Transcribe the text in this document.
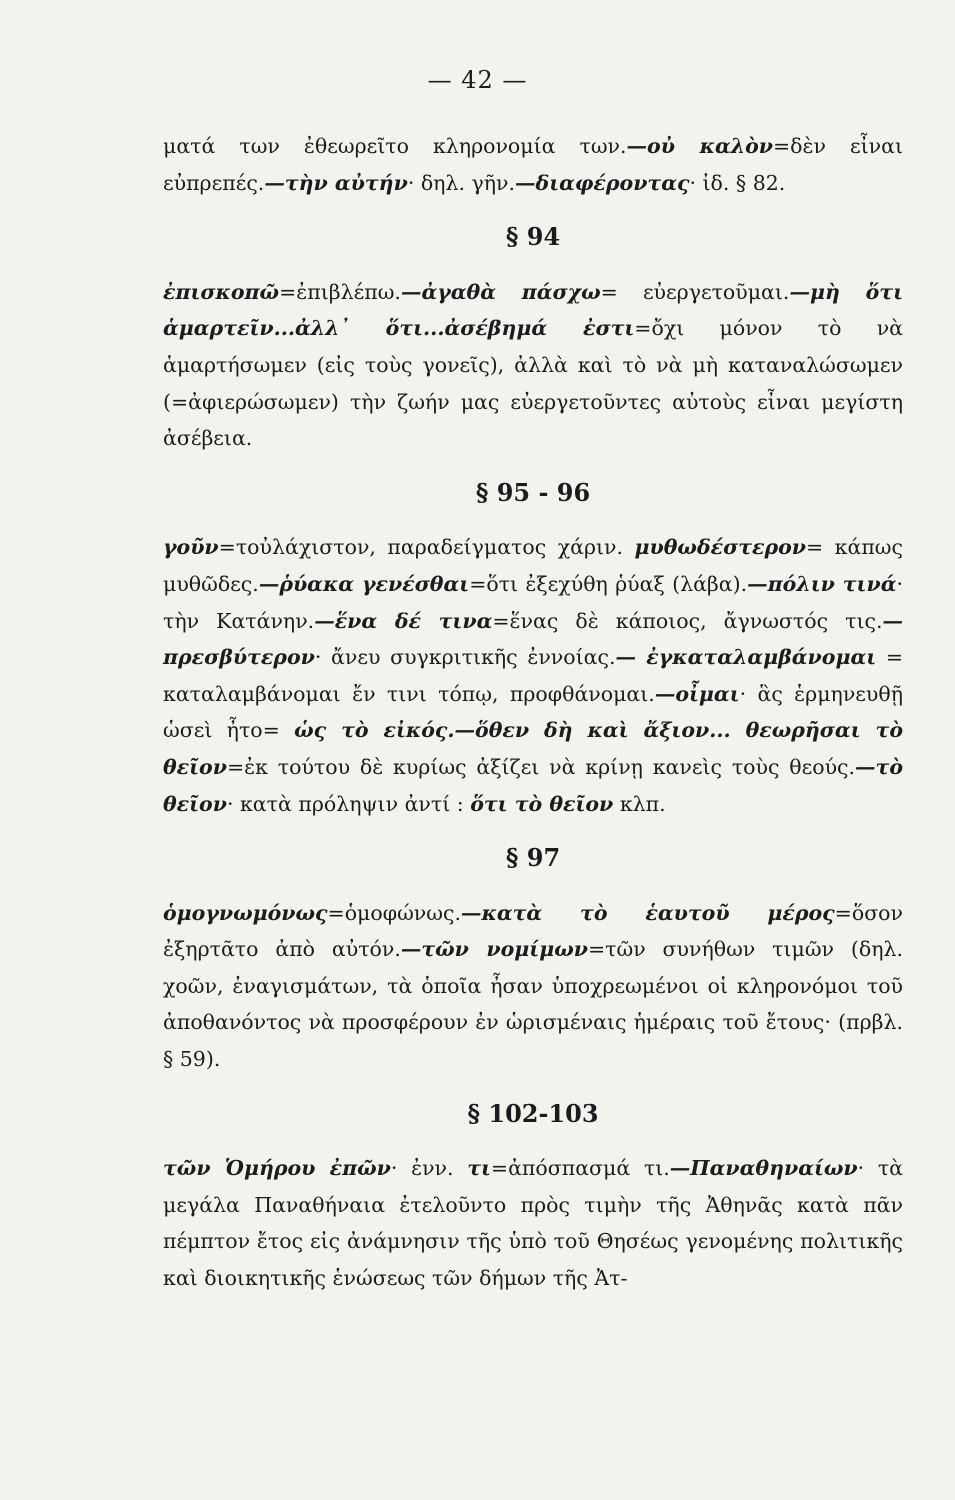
— 42 —

ματά των ἐθεωρεῖτο κληρονομία των.—οὐ καλὸν=δὲν εἶναι εὐπρεπές.—τὴν αὐτήν· δηλ. γῆν.—διαφέροντας· ἰδ. § 82.

§ 94

ἐπισκοπῶ=ἐπιβλέπω.—ἀγαθὰ πάσχω= εὐεργετοῦμαι.—μὴ ὅτι ἁμαρτεῖν...ἀλλ᾽ ὅτι...ἀσέβημά ἐστι=ὄχι μόνον τὸ νὰ ἁμαρτήσωμεν (εἰς τοὺς γονεῖς), ἀλλὰ καὶ τὸ νὰ μὴ καταναλώσωμεν (=ἀφιερώσωμεν) τὴν ζωήν μας εὐεργετοῦντες αὐτοὺς εἶναι μεγίστη ἀσέβεια.

§ 95 - 96

γοῦν=τοὐλάχιστον, παραδείγματος χάριν. μυθωδέστερον= κάπως μυθῶδες.—ῥύακα γενέσθαι=ὅτι ἐξεχύθη ῥύαξ (λάβα).—πόλιν τινά· τὴν Κατάνην.—ἕνα δέ τινα=ἕνας δὲ κάποιος, ἄγνωστός τις.—πρεσβύτερον· ἄνευ συγκριτικῆς ἐννοίας.— ἐγκαταλαμβάνομαι = καταλαμβάνομαι ἔν τινι τόπῳ, προφθάνομαι.—οἶμαι· ἃς ἑρμηνευθῇ ὡσεὶ ἦτο= ὡς τὸ εἰκός.—ὅθεν δὴ καὶ ἄξιον... θεωρῆσαι τὸ θεῖον=ἐκ τούτου δὲ κυρίως ἀξίζει νὰ κρίνῃ κανεὶς τοὺς θεούς.—τὸ θεῖον· κατὰ πρόληψιν ἀντί : ὅτι τὸ θεῖον κλπ.

§ 97

ὁμογνωμόνως=ὁμοφώνως.—κατὰ τὸ ἑαυτοῦ μέρος=ὅσον ἐξηρτᾶτο ἀπὸ αὐτόν.—τῶν νομίμων=τῶν συνήθων τιμῶν (δηλ. χοῶν, ἐναγισμάτων, τὰ ὁποῖα ἦσαν ὑποχρεωμένοι οἱ κληρονόμοι τοῦ ἀποθανόντος νὰ προσφέρουν ἐν ὡρισμέναις ἡμέραις τοῦ ἔτους· (πρβλ. § 59).

§ 102-103

τῶν Ὁμήρου ἐπῶν· ἐνν. τι=ἀπόσπασμά τι.—Παναθηναίων· τὰ μεγάλα Παναθήναια ἐτελοῦντο πρὸς τιμὴν τῆς Ἀθηνᾶς κατὰ πᾶν πέμπτον ἔτος εἰς ἀνάμνησιν τῆς ὑπὸ τοῦ Θησέως γενομένης πολιτικῆς καὶ διοικητικῆς ἑνώσεως τῶν δήμων τῆς Ἀτ-
